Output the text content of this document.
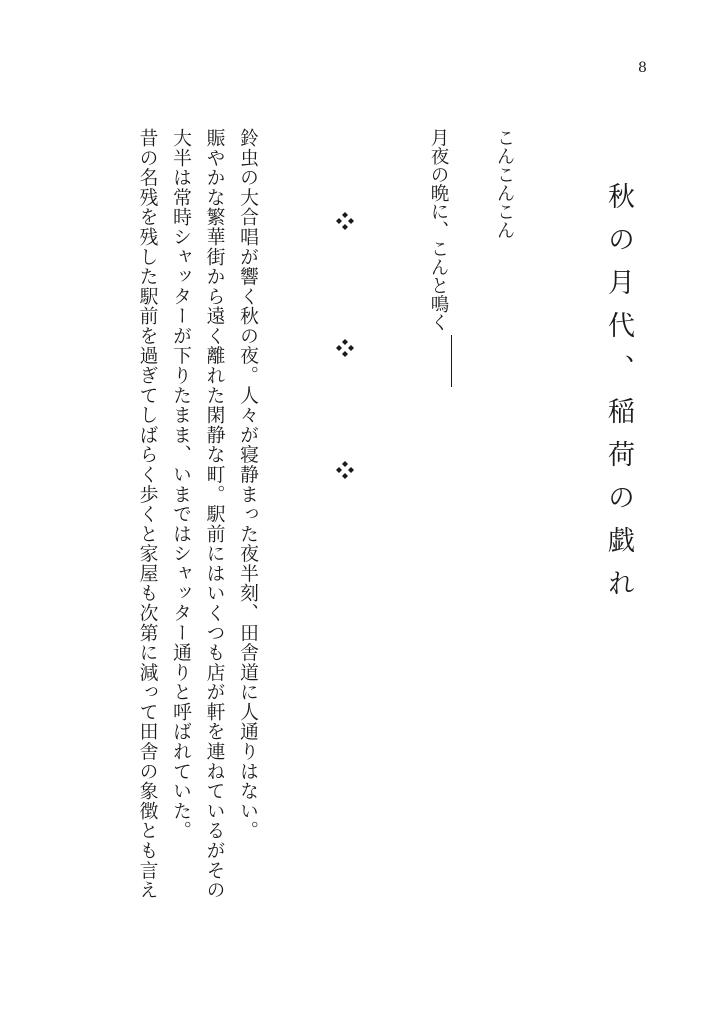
8
秋の月代、稲荷の戯れ
こんこんこん
月夜の晩に、こんと鳴く
鈴虫の大合唱が響く秋の夜。人々が寝静まった夜半刻、田舎道に人通りはない。
賑やかな繁華街から遠く離れた閑静な町。駅前にはいくつも店が軒を連ねているがその
大半は常時シャッターが下りたまま、いまではシャッター通りと呼ばれていた。
昔の名残を残した駅前を過ぎてしばらく歩くと家屋も次第に減って田舎の象徴とも言え
